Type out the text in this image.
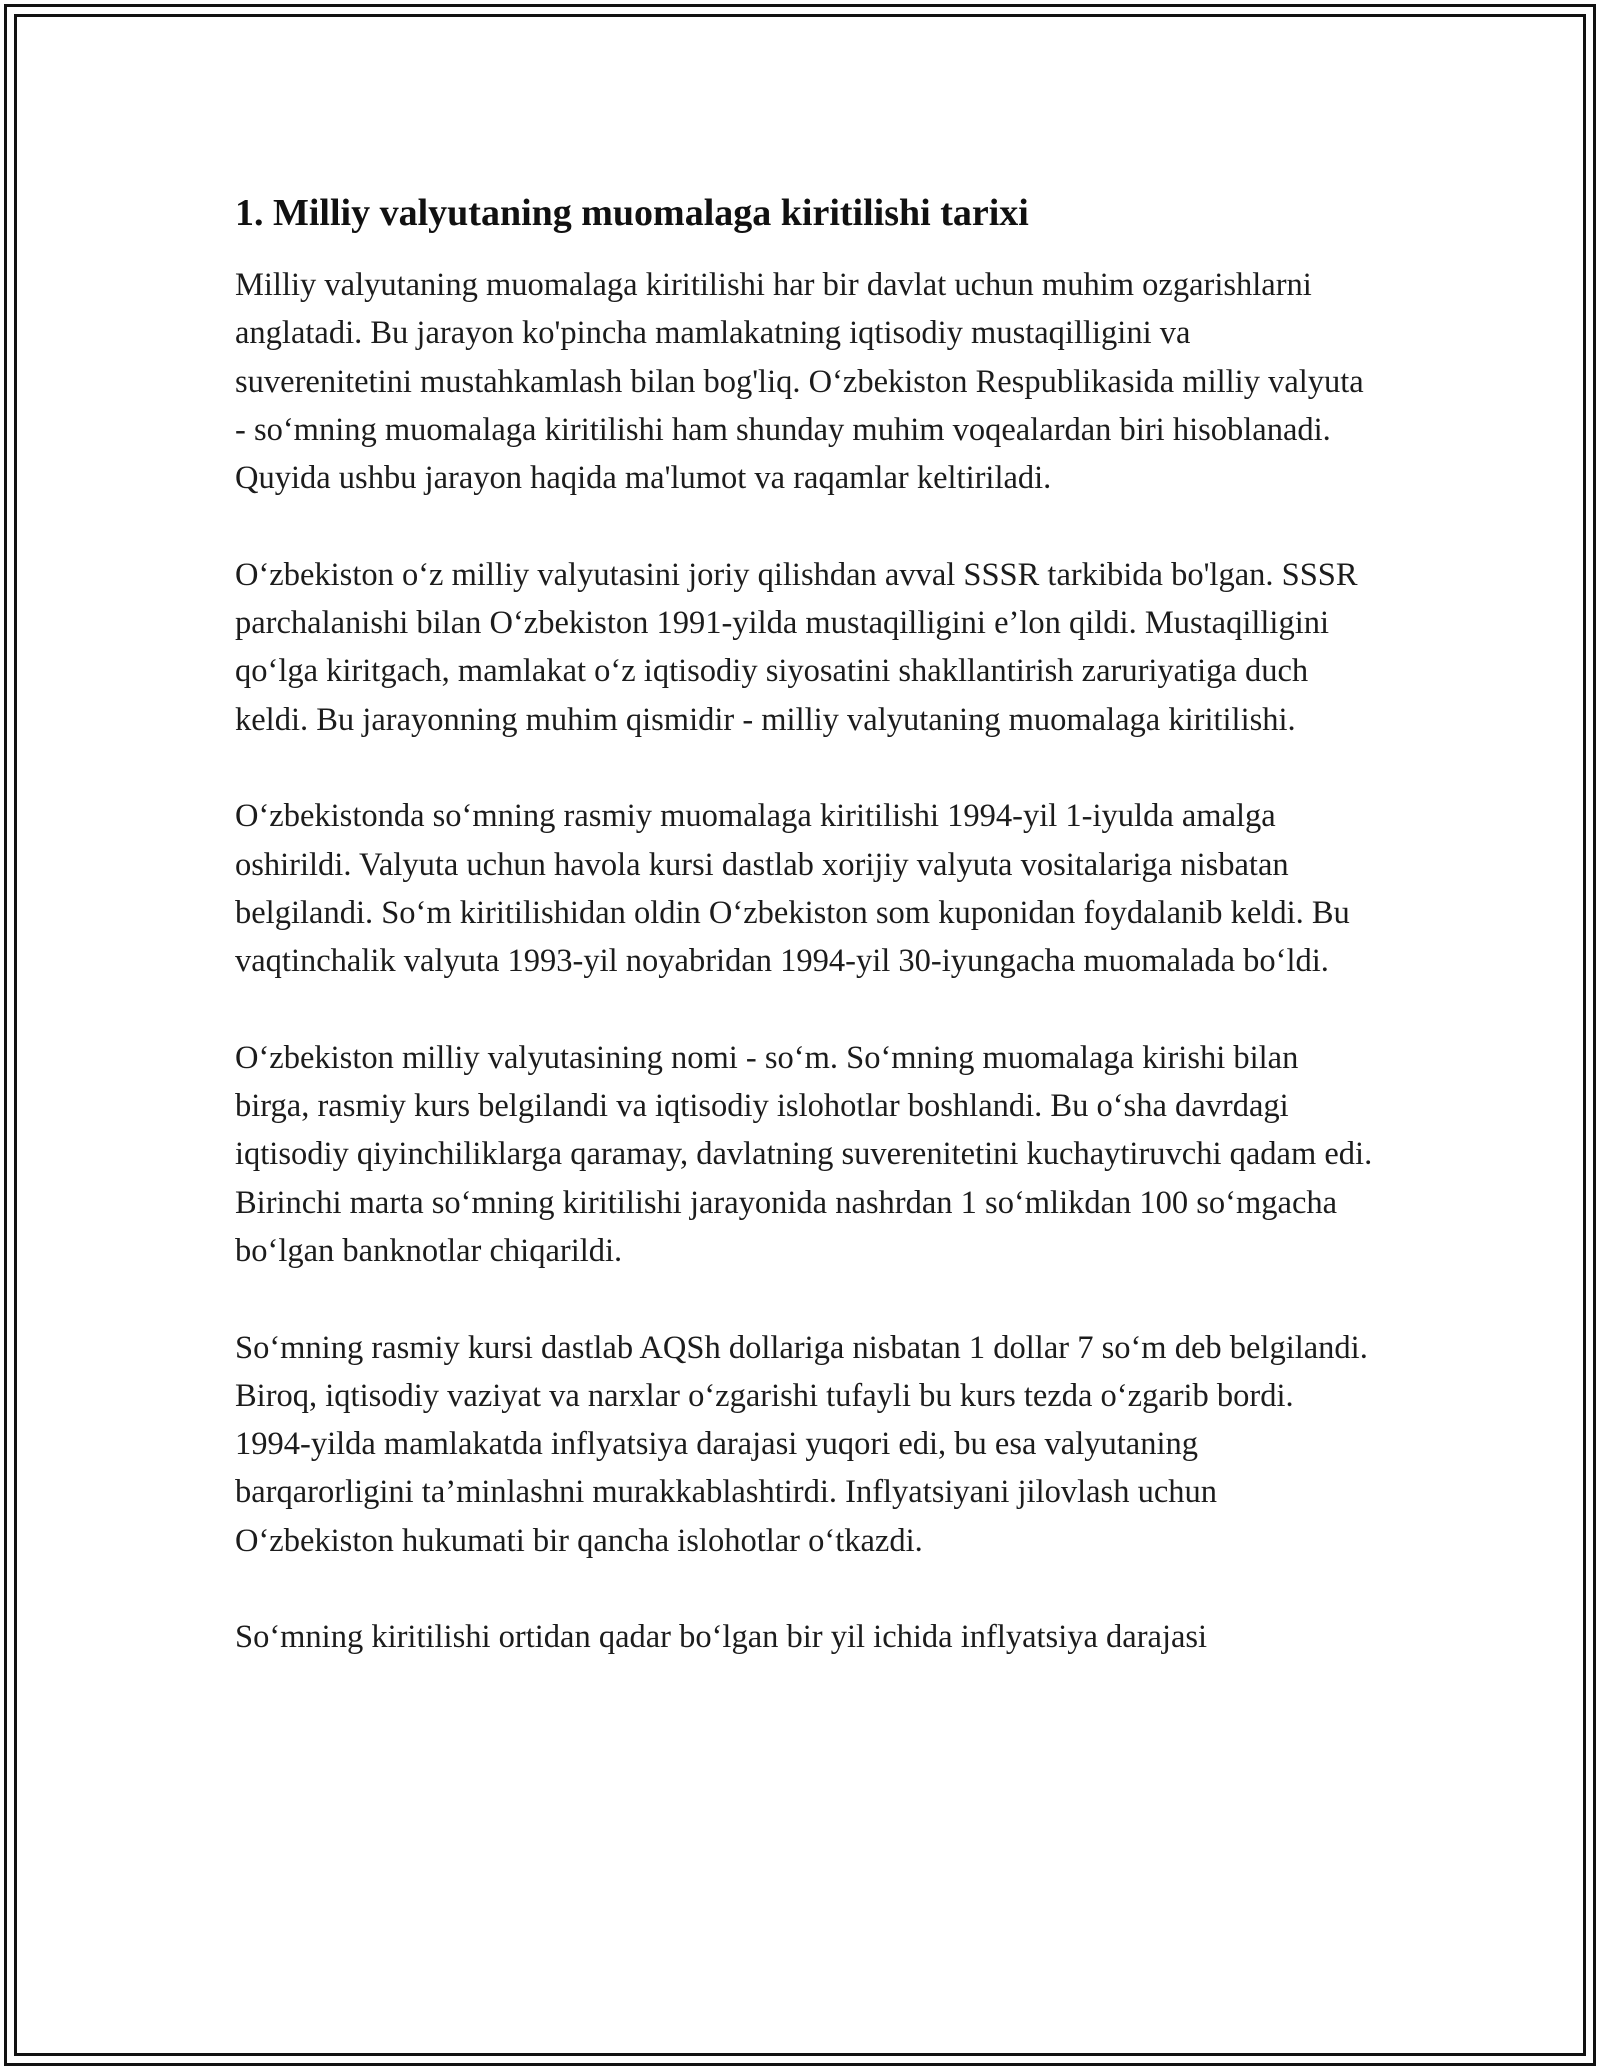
1. Milliy valyutaning muomalaga kiritilishi tarixi

Milliy valyutaning muomalaga kiritilishi har bir davlat uchun muhim ozgarishlarni anglatadi. Bu jarayon ko'pincha mamlakatning iqtisodiy mustaqilligini va suverenitetini mustahkamlash bilan bog'liq. O‘zbekiston Respublikasida milliy valyuta - so‘mning muomalaga kiritilishi ham shunday muhim voqealardan biri hisoblanadi. Quyida ushbu jarayon haqida ma'lumot va raqamlar keltiriladi.

O‘zbekiston o‘z milliy valyutasini joriy qilishdan avval SSSR tarkibida bo'lgan. SSSR parchalanishi bilan O‘zbekiston 1991-yilda mustaqilligini e’lon qildi. Mustaqilligini qo‘lga kiritgach, mamlakat o‘z iqtisodiy siyosatini shakllantirish zaruriyatiga duch keldi. Bu jarayonning muhim qismidir - milliy valyutaning muomalaga kiritilishi.

O‘zbekistonda so‘mning rasmiy muomalaga kiritilishi 1994-yil 1-iyulda amalga oshirildi. Valyuta uchun havola kursi dastlab xorijiy valyuta vositalariga nisbatan belgilandi. So‘m kiritilishidan oldin O‘zbekiston som kuponidan foydalanib keldi. Bu vaqtinchalik valyuta 1993-yil noyabridan 1994-yil 30-iyungacha muomalada bo‘ldi.

O‘zbekiston milliy valyutasining nomi - so‘m. So‘mning muomalaga kirishi bilan birga, rasmiy kurs belgilandi va iqtisodiy islohotlar boshlandi. Bu o‘sha davrdagi iqtisodiy qiyinchiliklarga qaramay, davlatning suverenitetini kuchaytiruvchi qadam edi. Birinchi marta so‘mning kiritilishi jarayonida nashrdan 1 so‘mlikdan 100 so‘mgacha bo‘lgan banknotlar chiqarildi.

So‘mning rasmiy kursi dastlab AQSh dollariga nisbatan 1 dollar 7 so‘m deb belgilandi. Biroq, iqtisodiy vaziyat va narxlar o‘zgarishi tufayli bu kurs tezda o‘zgarib bordi. 1994-yilda mamlakatda inflyatsiya darajasi yuqori edi, bu esa valyutaning barqarorligini ta’minlashni murakkablashtirdi. Inflyatsiyani jilovlash uchun O‘zbekiston hukumati bir qancha islohotlar o‘tkazdi.

So‘mning kiritilishi ortidan qadar bo‘lgan bir yil ichida inflyatsiya darajasi
